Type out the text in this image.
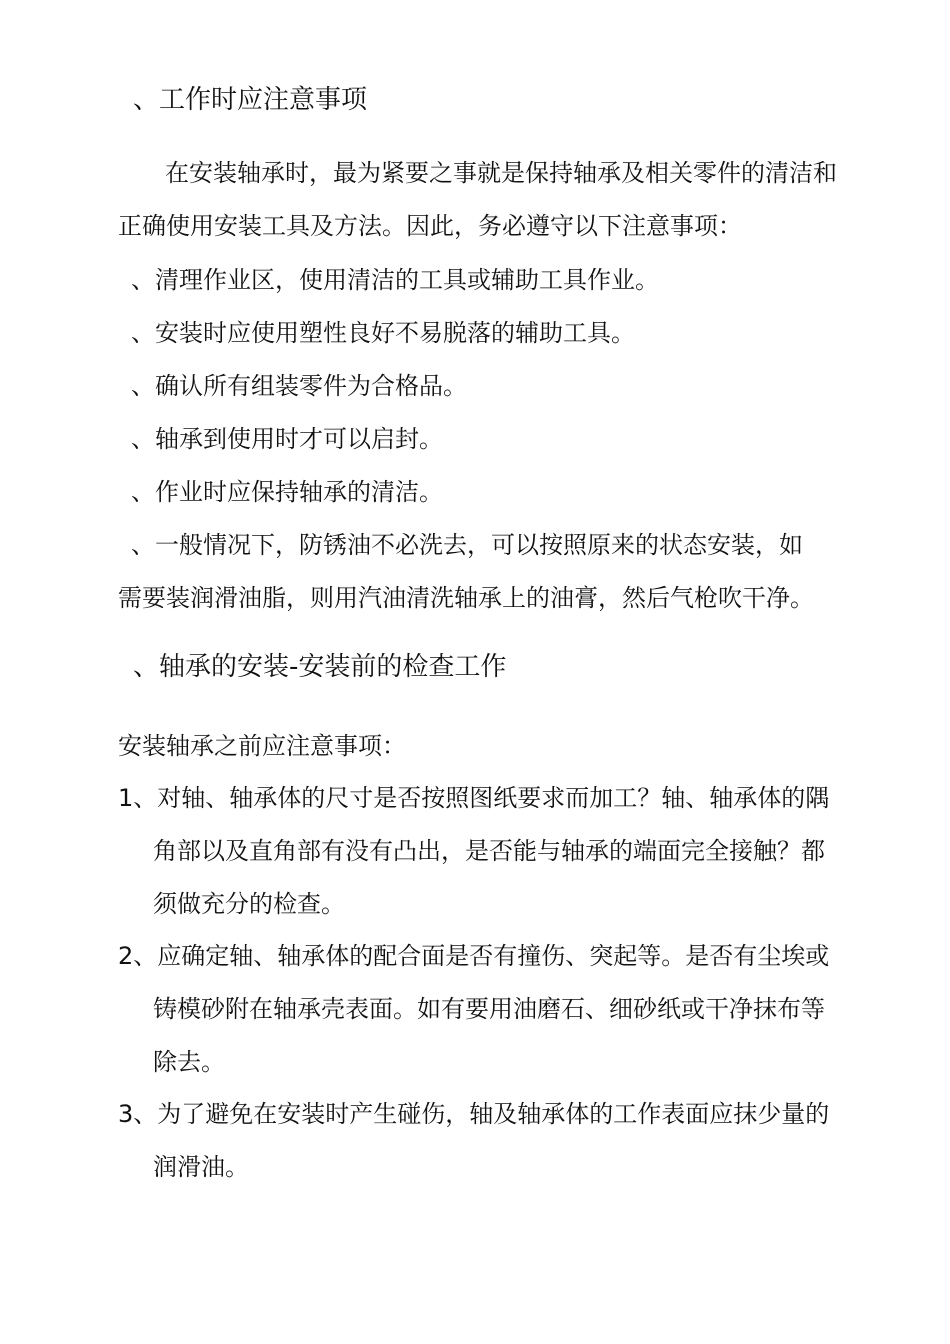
、工作时应注意事项
在安装轴承时，最为紧要之事就是保持轴承及相关零件的清洁和
正确使用安装工具及方法。因此，务必遵守以下注意事项：
、清理作业区，使用清洁的工具或辅助工具作业。
、安装时应使用塑性良好不易脱落的辅助工具。
、确认所有组装零件为合格品。
、轴承到使用时才可以启封。
、作业时应保持轴承的清洁。
、一般情况下，防锈油不必洗去，可以按照原来的状态安装，如
需要装润滑油脂，则用汽油清洗轴承上的油膏，然后气枪吹干净。
、轴承的安装-安装前的检查工作
安装轴承之前应注意事项：
1、对轴、轴承体的尺寸是否按照图纸要求而加工？轴、轴承体的隅
角部以及直角部有没有凸出，是否能与轴承的端面完全接触？都
须做充分的检查。
2、应确定轴、轴承体的配合面是否有撞伤、突起等。是否有尘埃或
铸模砂附在轴承壳表面。如有要用油磨石、细砂纸或干净抹布等
除去。
3、为了避免在安装时产生碰伤，轴及轴承体的工作表面应抹少量的
润滑油。
